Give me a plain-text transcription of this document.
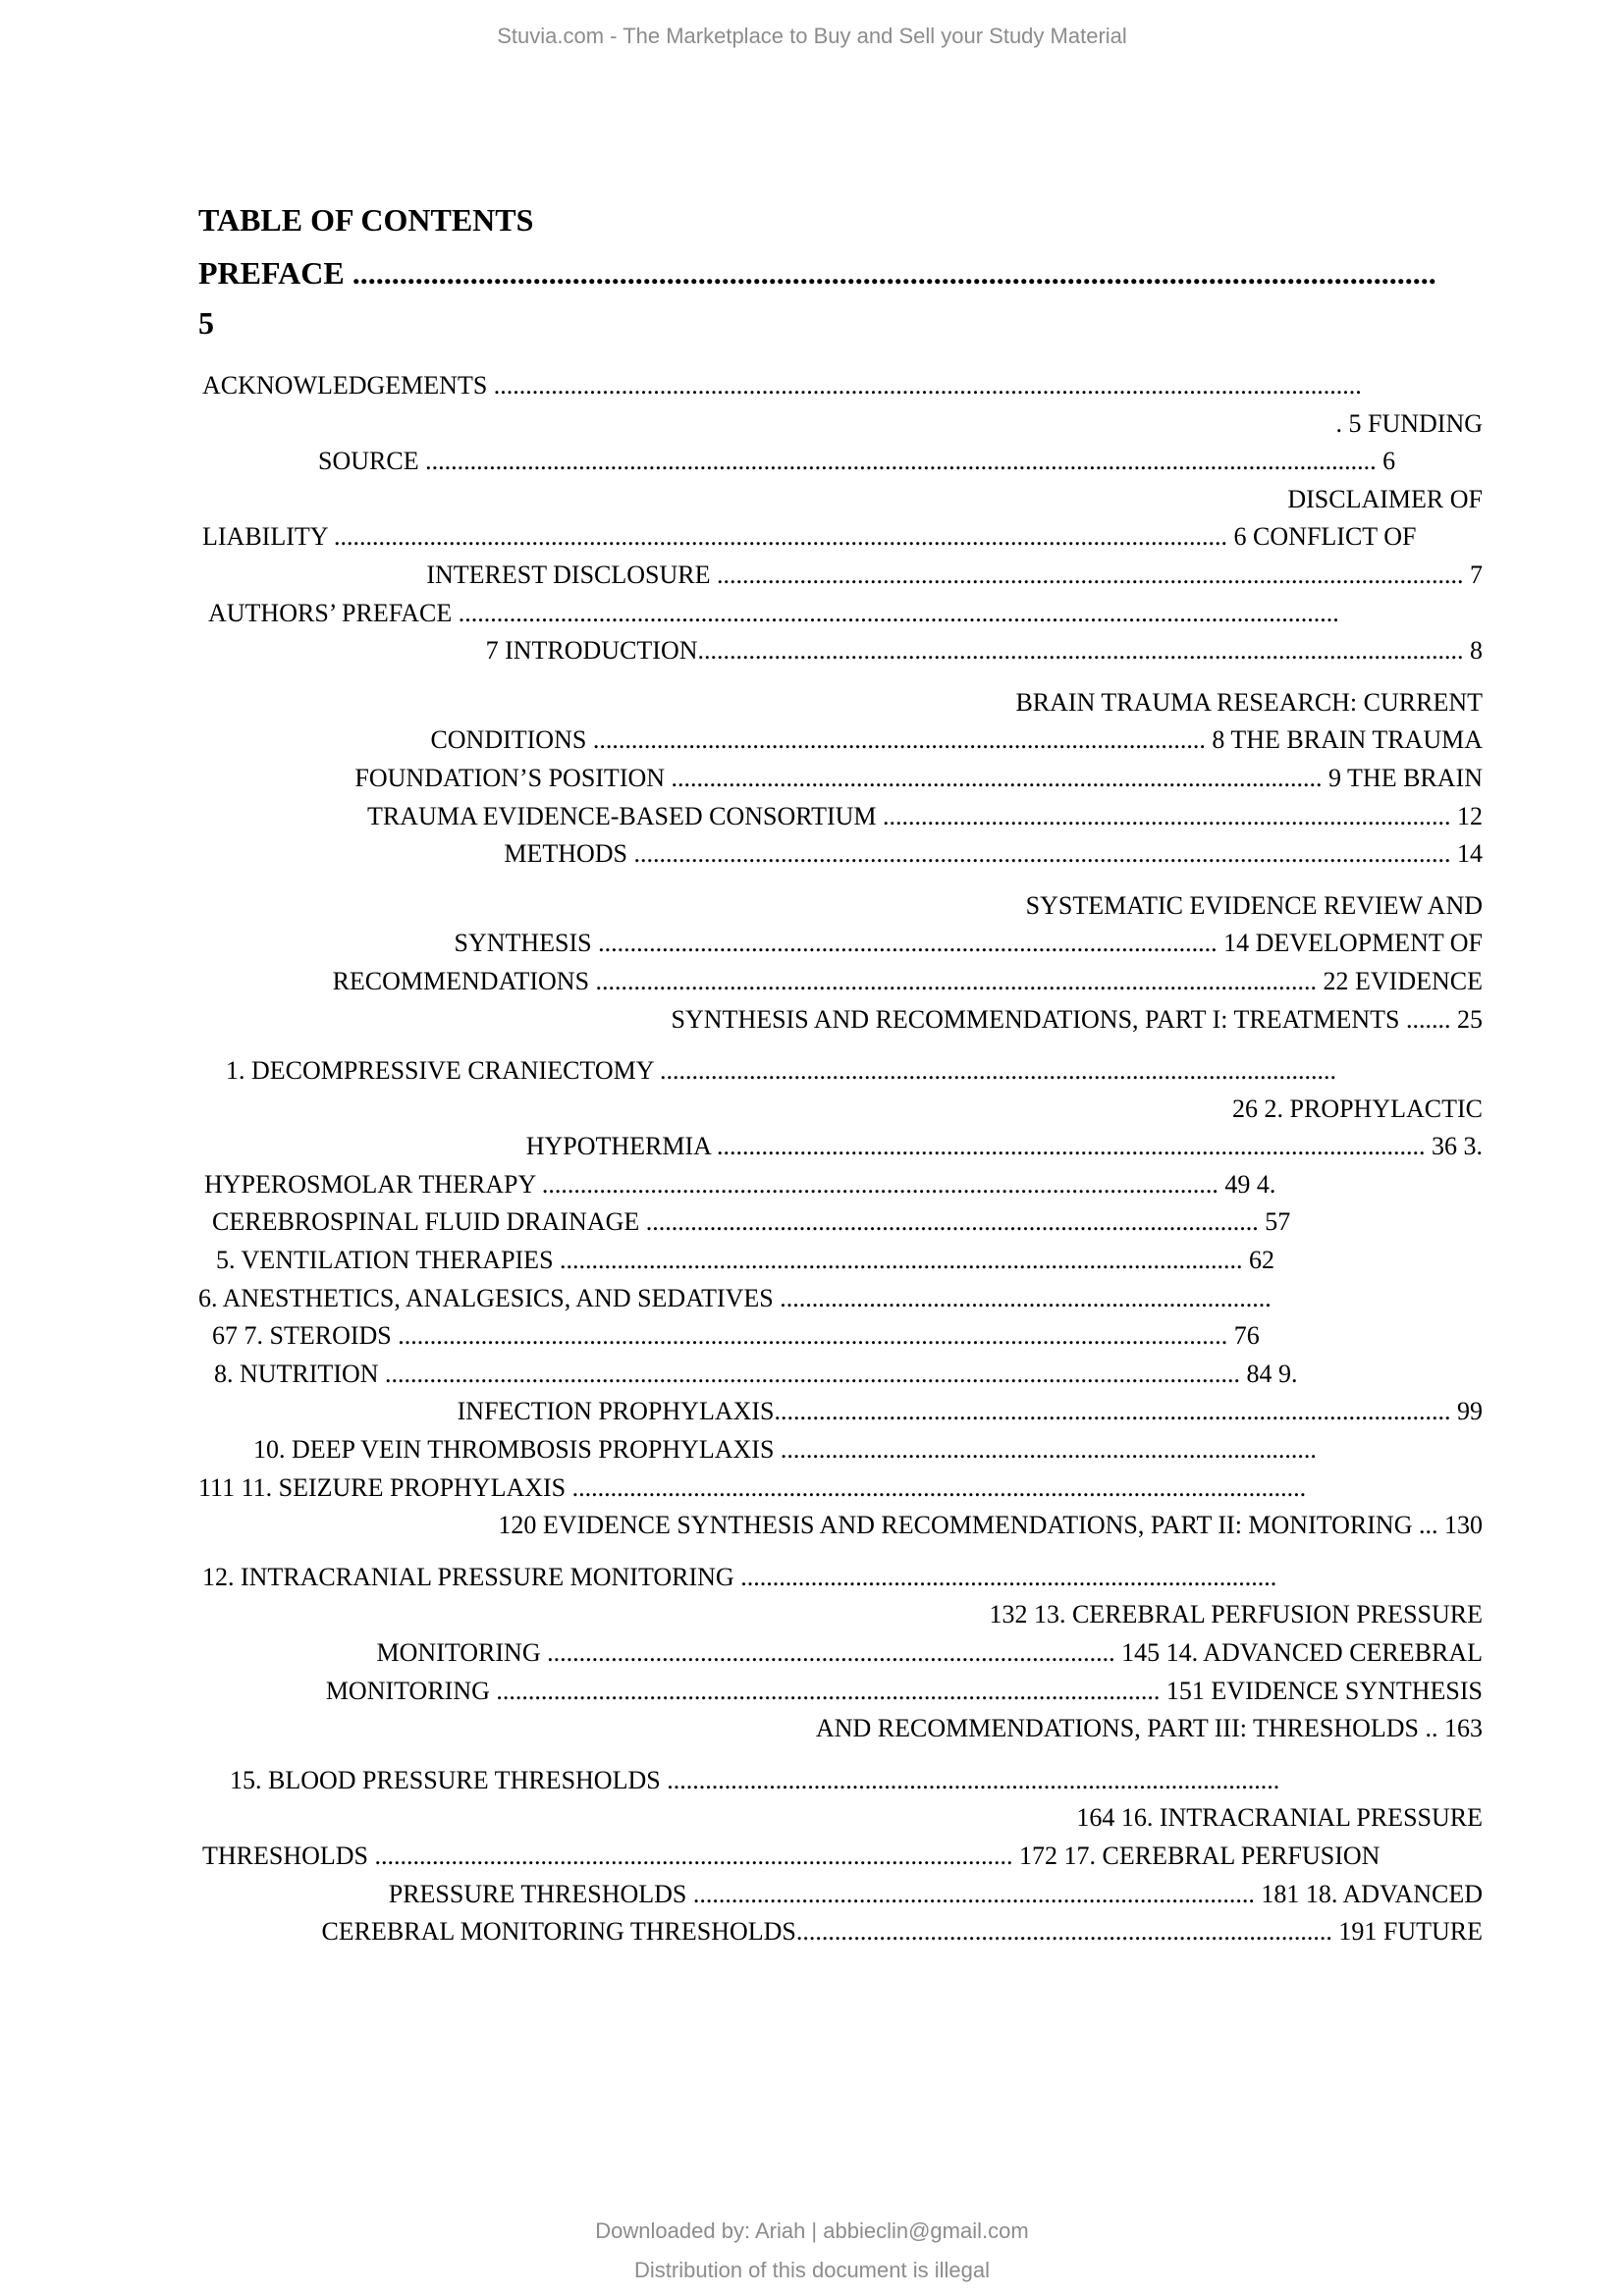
Stuvia.com - The Marketplace to Buy and Sell your Study Material
TABLE OF CONTENTS
PREFACE ..........................................................................................................................................
5
ACKNOWLEDGEMENTS ........................................................................................................................................
. 5 FUNDING
SOURCE ..................................................................................................................................................... 6
DISCLAIMER OF
LIABILITY ............................................................................................................................................ 6 CONFLICT OF
INTEREST DISCLOSURE ..................................................................................................................... 7
AUTHORS’ PREFACE ..........................................................................................................................................
7 INTRODUCTION........................................................................................................................ 8
BRAIN TRAUMA RESEARCH: CURRENT
CONDITIONS ................................................................................................ 8 THE BRAIN TRAUMA
FOUNDATION’S POSITION ...................................................................................................... 9 THE BRAIN
TRAUMA EVIDENCE-BASED CONSORTIUM ......................................................................................... 12
METHODS ................................................................................................................................ 14
SYSTEMATIC EVIDENCE REVIEW AND
SYNTHESIS ................................................................................................. 14 DEVELOPMENT OF
RECOMMENDATIONS ................................................................................................................. 22 EVIDENCE
SYNTHESIS AND RECOMMENDATIONS, PART I: TREATMENTS ....... 25
1. DECOMPRESSIVE CRANIECTOMY ..........................................................................................................
26 2. PROPHYLACTIC
HYPOTHERMIA ............................................................................................................... 36 3.
HYPEROSMOLAR THERAPY .......................................................................................................... 49 4.
CEREBROSPINAL FLUID DRAINAGE ................................................................................................ 57
5. VENTILATION THERAPIES ........................................................................................................... 62
6. ANESTHETICS, ANALGESICS, AND SEDATIVES .............................................................................
67 7. STEROIDS .................................................................................................................................. 76
8. NUTRITION ...................................................................................................................................... 84 9.
INFECTION PROPHYLAXIS.......................................................................................................... 99
10. DEEP VEIN THROMBOSIS PROPHYLAXIS ....................................................................................
111 11. SEIZURE PROPHYLAXIS ...................................................................................................................
120 EVIDENCE SYNTHESIS AND RECOMMENDATIONS, PART II: MONITORING ... 130
12. INTRACRANIAL PRESSURE MONITORING ....................................................................................
132 13. CEREBRAL PERFUSION PRESSURE
MONITORING ......................................................................................... 145 14. ADVANCED CEREBRAL
MONITORING ........................................................................................................ 151 EVIDENCE SYNTHESIS
AND RECOMMENDATIONS, PART III: THRESHOLDS .. 163
15. BLOOD PRESSURE THRESHOLDS ................................................................................................
164 16. INTRACRANIAL PRESSURE
THRESHOLDS .................................................................................................... 172 17. CEREBRAL PERFUSION
PRESSURE THRESHOLDS ........................................................................................ 181 18. ADVANCED
CEREBRAL MONITORING THRESHOLDS.................................................................................... 191 FUTURE
Downloaded by: Ariah | abbieclin@gmail.com
Distribution of this document is illegal
